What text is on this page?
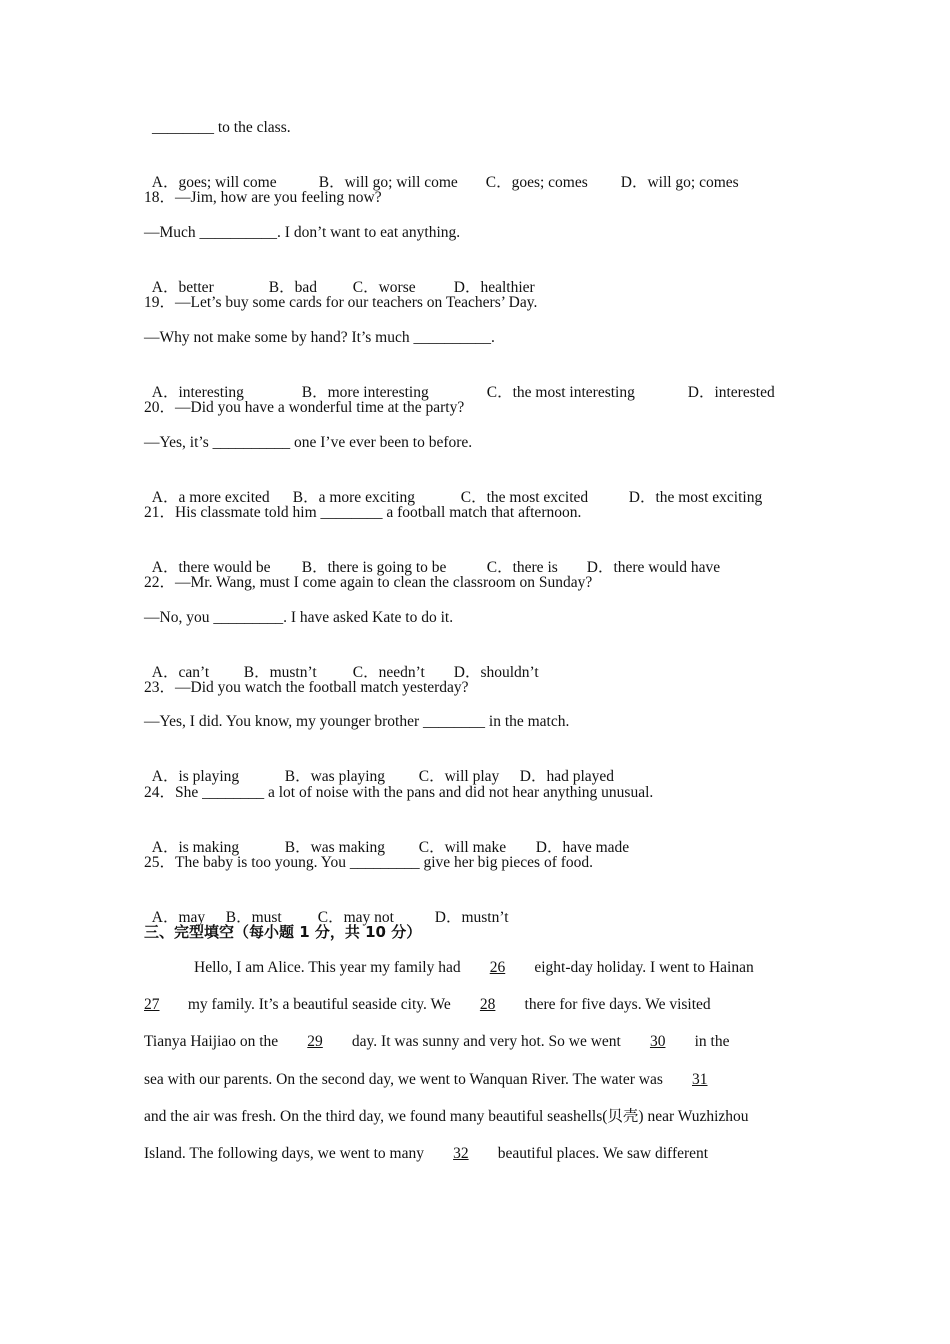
________ to the class.

A．goes; will come	B．will go; will come C．goes; comes D．will go; comes

18．—Jim, how are you feeling now?
—Much __________. I don’t want to eat anything.

A．better	B．bad C．worse D．healthier

19．—Let’s buy some cards for our teachers on Teachers’ Day.
—Why not make some by hand? It’s much __________.

A．interesting	B．more interesting	C．the most interesting	D．interested

20．—Did you have a wonderful time at the party?
—Yes, it’s __________ one I’ve ever been to before.

A．a more excited B．a more exciting	C．the most excited	D．the most exciting

21．His classmate told him ________ a football match that afternoon.

A．there would be B．there is going to be	C．there is D．there would have

22．—Mr. Wang, must I come again to clean the classroom on Sunday?
—No, you _________. I have asked Kate to do it.

A．can’t B．mustn’t C．needn’t D．shouldn’t

23．—Did you watch the football match yesterday?
—Yes, I did. You know, my younger brother ________ in the match.

A．is playing	B．was playing C．will play D．had played

24．She ________ a lot of noise with the pans and did not hear anything unusual.

A．is making	B．was making C．will make D．have made

25．The baby is too young. You _________ give her big pieces of food.

A．may B．must C．may not	D．mustn’t

三、完型填空（每小题 1 分，共 10 分）
Hello, I am Alice. This year my family had 26 eight-day holiday. I went to Hainan
27 my family. It’s a beautiful seaside city. We 28 there for five days. We visited
Tianya Haijiao on the 29 day. It was sunny and very hot. So we went 30 in the
sea with our parents. On the second day, we went to Wanquan River. The water was 31
and the air was fresh. On the third day, we found many beautiful seashells(贝壳) near Wuzhizhou
Island. The following days, we went to many 32 beautiful places. We saw different
